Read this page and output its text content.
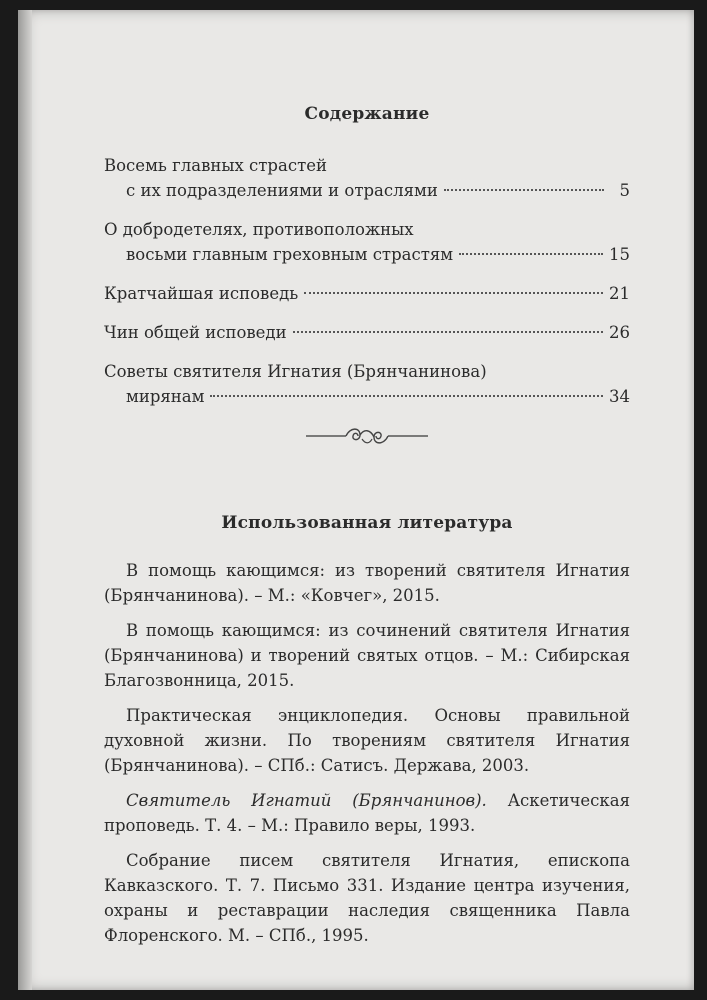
Содержание
Восемь главных страстей
с их подразделениями и отраслями	5
О добродетелях, противоположных
восьми главным греховным страстям	15
Кратчайшая исповедь	21
Чин общей исповеди	26
Советы святителя Игнатия (Брянчанинова)
мирянам	34
Использованная литература

В помощь кающимся: из творений святителя Игнатия (Брянчанинова). – М.: «Ковчег», 2015.

В помощь кающимся: из сочинений святителя Игнатия (Брянчанинова) и творений святых отцов. – М.: Сибирская Благозвонница, 2015.

Практическая энциклопедия. Основы правильной духовной жизни. По творениям святителя Игнатия (Брянчанинова). – СПб.: Сатисъ. Держава, 2003.

Святитель Игнатий (Брянчанинов). Аскетическая проповедь. Т. 4. – М.: Правило веры, 1993.

Собрание писем святителя Игнатия, епископа Кавказского. Т. 7. Письмо 331. Издание центра изучения, охраны и реставрации наследия священника Павла Флоренского. М. – СПб., 1995.
